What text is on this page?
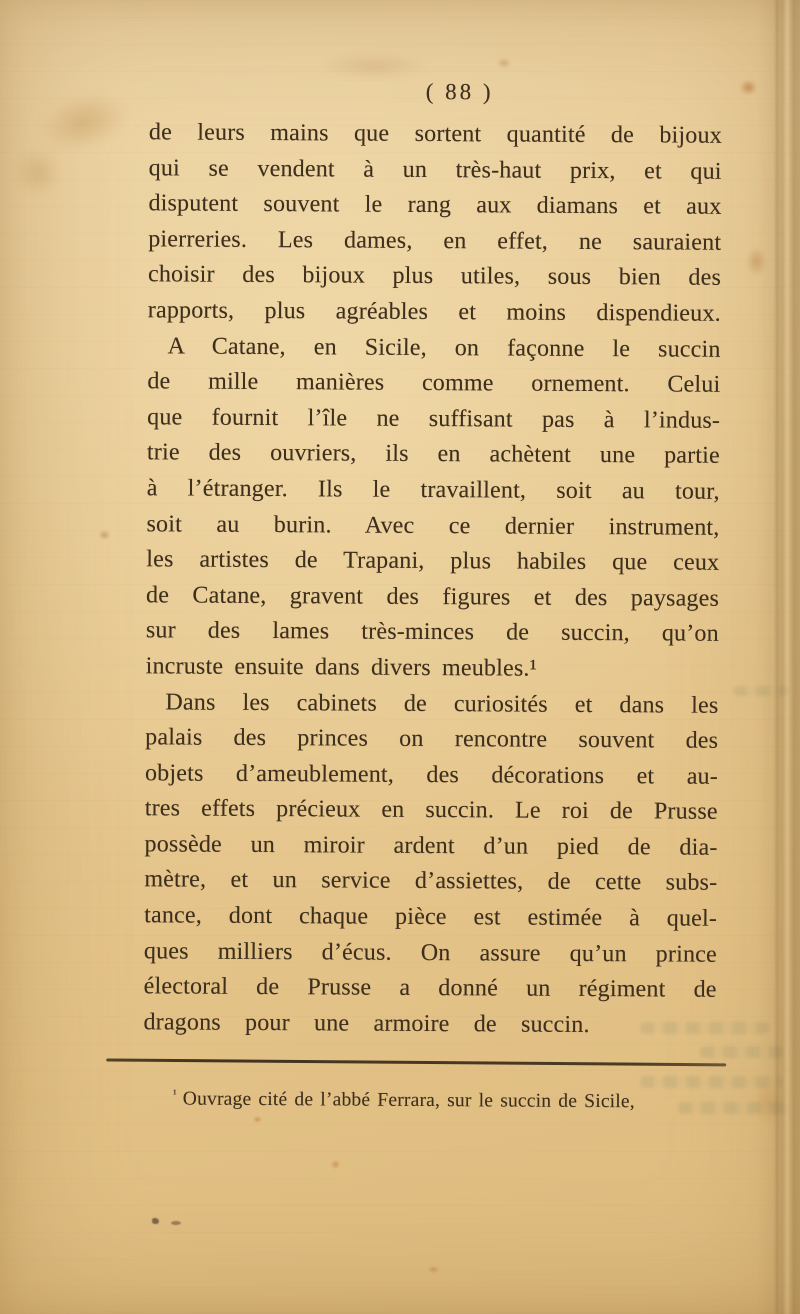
( 88 )
de leurs mains que sortent quantité de bijoux
qui se vendent à un très-haut prix, et qui
disputent souvent le rang aux diamans et aux
pierreries. Les dames, en effet, ne sauraient
choisir des bijoux plus utiles, sous bien des
rapports, plus agréables et moins dispendieux.
A Catane, en Sicile, on façonne le succin
de mille manières comme ornement. Celui
que fournit l’île ne suffisant pas à l’indus-
trie des ouvriers, ils en achètent une partie
à l’étranger. Ils le travaillent, soit au tour,
soit au burin. Avec ce dernier instrument,
les artistes de Trapani, plus habiles que ceux
de Catane, gravent des figures et des paysages
sur des lames très-minces de succin, qu’on
incruste ensuite dans divers meubles.¹
Dans les cabinets de curiosités et dans les
palais des princes on rencontre souvent des
objets d’ameublement, des décorations et au-
tres effets précieux en succin. Le roi de Prusse
possède un miroir ardent d’un pied de dia-
mètre, et un service d’assiettes, de cette subs-
tance, dont chaque pièce est estimée à quel-
ques milliers d’écus. On assure qu’un prince
électoral de Prusse a donné un régiment de
dragons pour une armoire de succin.
$^{^1}$ Ouvrage cité de l’abbé Ferrara, sur le succin de Sicile,
